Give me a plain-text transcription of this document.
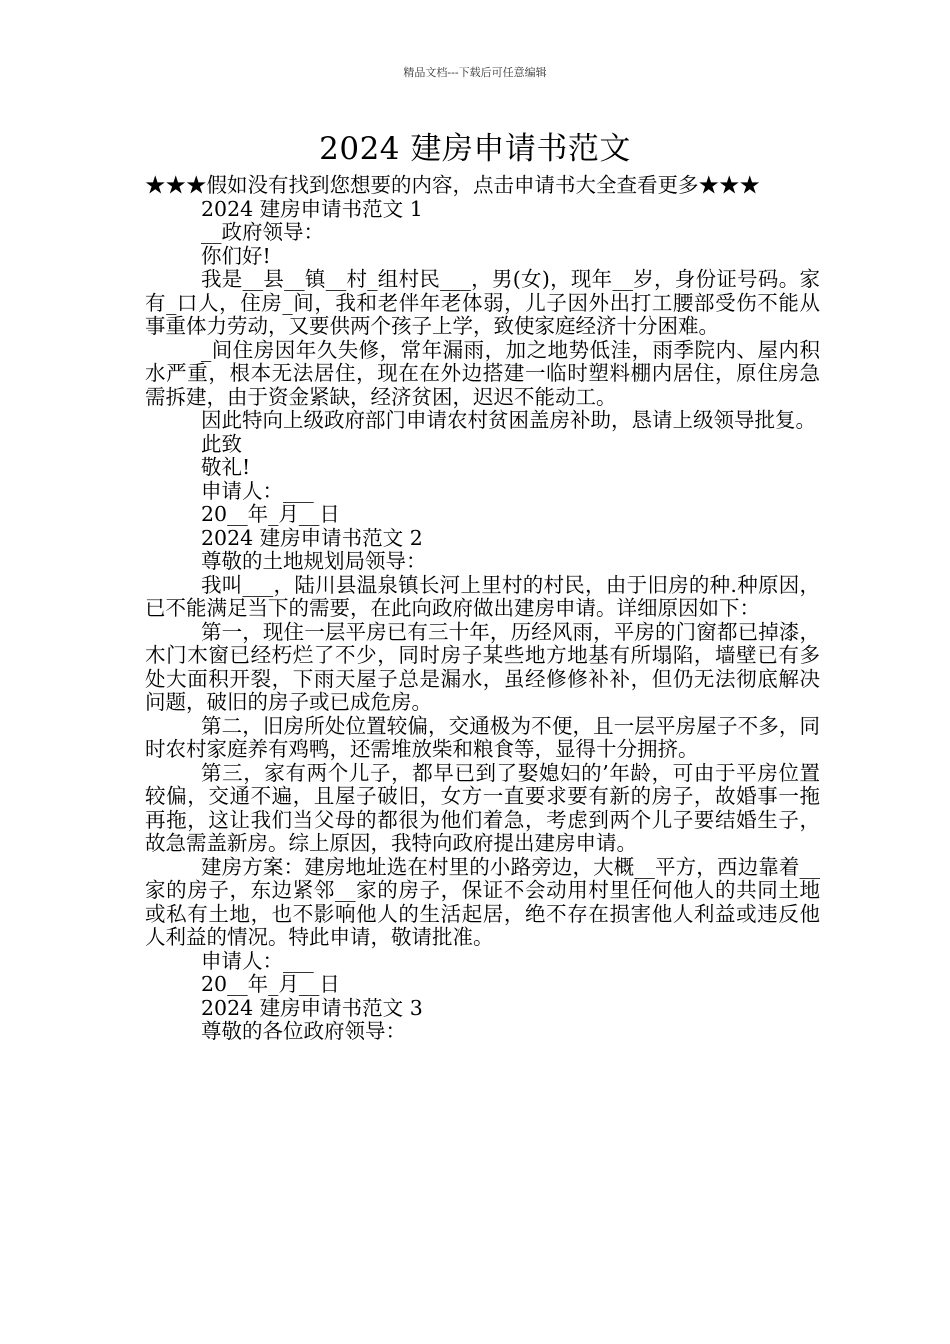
精品文档---下载后可任意编辑
2024 建房申请书范文

★★★假如没有找到您想要的内容，点击申请书大全查看更多★★★

2024 建房申请书范文 1

__政府领导：

你们好!

我是__县__镇__村_组村民___，男(女)，现年__岁，身份证号码。家有_口人，住房_间，我和老伴年老体弱，儿子因外出打工腰部受伤不能从事重体力劳动，又要供两个孩子上学，致使家庭经济十分困难。

_间住房因年久失修，常年漏雨，加之地势低洼，雨季院内、屋内积水严重，根本无法居住，现在在外边搭建一临时塑料棚内居住，原住房急需拆建，由于资金紧缺，经济贫困，迟迟不能动工。

因此特向上级政府部门申请农村贫困盖房补助，恳请上级领导批复。

此致

敬礼!

申请人：___

20__年_月__日

2024 建房申请书范文 2

尊敬的土地规划局领导：

我叫___，陆川县温泉镇长河上里村的村民，由于旧房的种.种原因，已不能满足当下的需要，在此向政府做出建房申请。详细原因如下：

第一，现住一层平房已有三十年，历经风雨，平房的门窗都已掉漆，木门木窗已经朽烂了不少，同时房子某些地方地基有所塌陷，墙壁已有多处大面积开裂，下雨天屋子总是漏水，虽经修修补补，但仍无法彻底解决问题，破旧的房子或已成危房。

第二，旧房所处位置较偏，交通极为不便，且一层平房屋子不多，同时农村家庭养有鸡鸭，还需堆放柴和粮食等，显得十分拥挤。

第三，家有两个儿子，都早已到了娶媳妇的’年龄，可由于平房位置较偏，交通不遍，且屋子破旧，女方一直要求要有新的房子，故婚事一拖再拖，这让我们当父母的都很为他们着急，考虑到两个儿子要结婚生子，故急需盖新房。综上原因，我特向政府提出建房申请。

建房方案：建房地址选在村里的小路旁边，大概__平方，西边靠着__家的房子，东边紧邻__家的房子，保证不会动用村里任何他人的共同土地或私有土地，也不影响他人的生活起居，绝不存在损害他人利益或违反他人利益的情况。特此申请，敬请批准。

申请人：___

20__年_月__日

2024 建房申请书范文 3

尊敬的各位政府领导：
